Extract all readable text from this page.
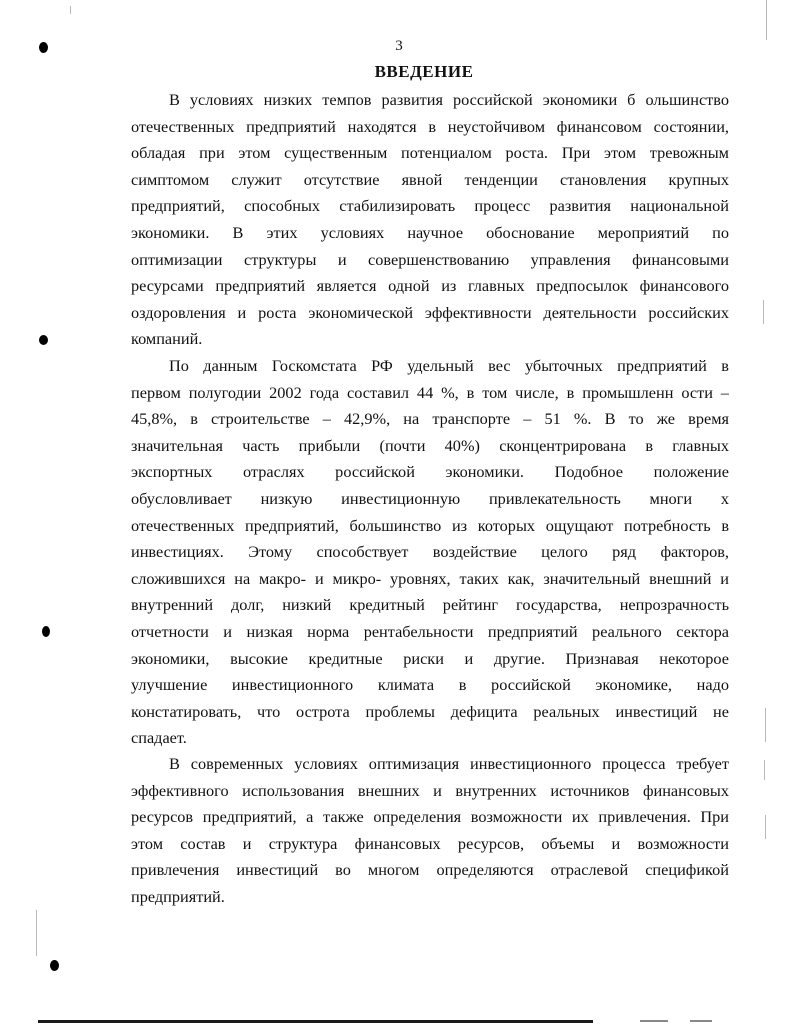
3
ВВЕДЕНИЕ
В условиях низких темпов развития российской экономики б ольшинство
отечественных предприятий находятся в неустойчивом финансовом состоянии,
обладая при этом существенным потенциалом роста. При этом тревожным
симптомом служит отсутствие явной тенденции становления крупных
предприятий, способных стабилизировать процесс развития национальной
экономики. В этих условиях научное обоснование мероприятий по
оптимизации структуры и совершенствованию управления финансовыми
ресурсами предприятий является одной из главных предпосылок финансового
оздоровления и роста экономической эффективности деятельности российских
компаний.
По данным Госкомстата РФ удельный вес убыточных предприятий в
первом полугодии 2002 года составил 44 %, в том числе, в промышленн ости –
45,8%, в строительстве – 42,9%, на транспорте – 51 %. В то же время
значительная часть прибыли (почти 40%) сконцентрирована в главных
экспортных отраслях российской экономики. Подобное положение
обусловливает низкую инвестиционную привлекательность многи х
отечественных предприятий, большинство из которых ощущают потребность в
инвестициях. Этому способствует воздействие целого ряд факторов,
сложившихся на макро- и микро- уровнях, таких как, значительный внешний и
внутренний долг, низкий кредитный рейтинг государства, непрозрачность
отчетности и низкая норма рентабельности предприятий реального сектора
экономики, высокие кредитные риски и другие. Признавая некоторое
улучшение инвестиционного климата в российской экономике, надо
констатировать, что острота проблемы дефицита реальных инвестиций не
спадает.
В современных условиях оптимизация инвестиционного процесса требует
эффективного использования внешних и внутренних источников финансовых
ресурсов предприятий, а также определения возможности их привлечения. При
этом состав и структура финансовых ресурсов, объемы и возможности
привлечения инвестиций во многом определяются отраслевой спецификой
предприятий.
